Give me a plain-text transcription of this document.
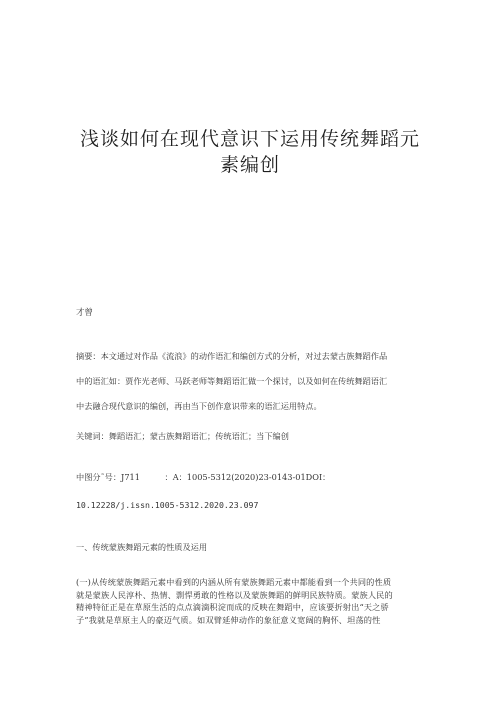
浅谈如何在现代意识下运用传统舞蹈元
素编创
才曾
摘要：本文通过对作品《流浪》的动作语汇和编创方式的分析，对过去蒙古族舞蹈作品
中的语汇如：贾作光老师、马跃老师等舞蹈语汇做一个探讨，以及如何在传统舞蹈语汇
中去融合现代意识的编创，再由当下创作意识带来的语汇运用特点。
关键词：舞蹈语汇；蒙古族舞蹈语汇；传统语汇；当下编创
中图分˜号：J711　　　：A：1005-5312(2020)23-0143-01DOI：
10.12228/j.issn.1005-5312.2020.23.097
一、传统蒙族舞蹈元素的性质及运用
(一)从传统蒙族舞蹈元素中看到的内涵从所有蒙族舞蹈元素中都能看到一个共同的性质
就是蒙族人民淳朴、热情、剽悍勇敢的性格以及蒙族舞蹈的鲜明民族特质。蒙族人民的
精神特征正是在草原生活的点点滴滴积淀而成的反映在舞蹈中，应该要折射出“天之骄
子”我就是草原主人的豪迈气质。如双臂延伸动作的象征意义宽阔的胸怀、坦荡的性
